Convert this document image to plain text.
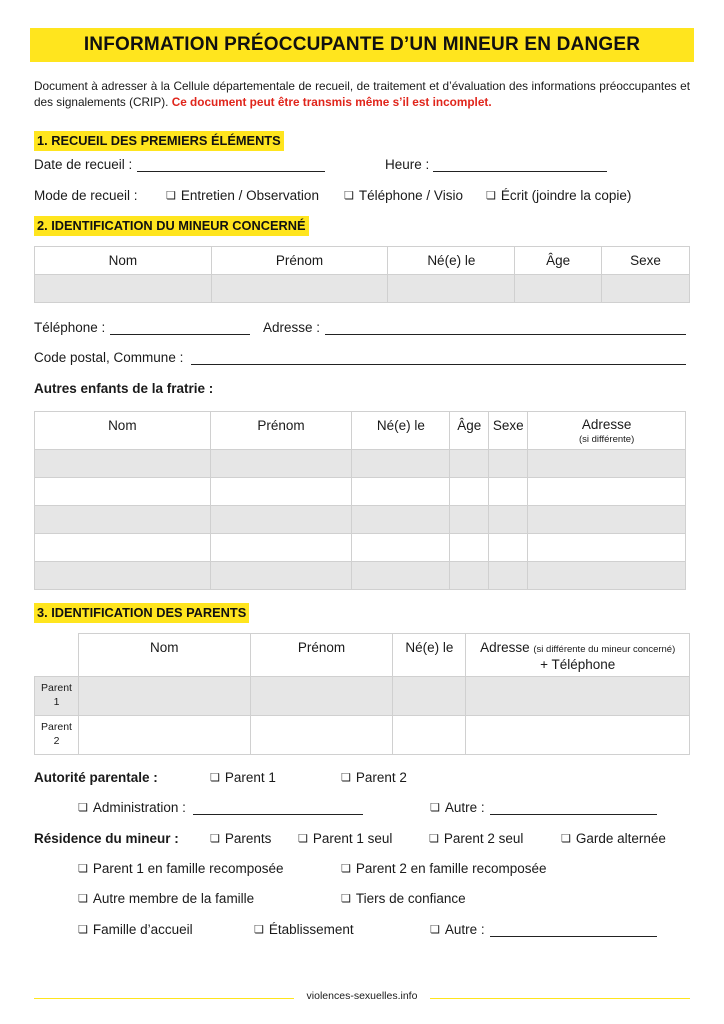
INFORMATION PRÉOCCUPANTE D’UN MINEUR EN DANGER
Document à adresser à la Cellule départementale de recueil, de traitement et d’évaluation des informations préoccupantes et des signalements (CRIP). Ce document peut être transmis même s’il est incomplet.
1. RECUEIL DES PREMIERS ÉLÉMENTS
Date de recueil :	Heure :
Mode de recueil :	❏ Entretien / Observation ❏ Téléphone / Visio ❏ Écrit (joindre la copie)
2. IDENTIFICATION DU MINEUR CONCERNÉ
Nom	Prénom	Né(e) le	Âge	Sexe

Téléphone :	Adresse :
Code postal, Commune :
Autres enfants de la fratrie :
Nom	Prénom	Né(e) le	Âge	Sexe	Adresse
(si différente)

3. IDENTIFICATION DES PARENTS
	Nom	Prénom	Né(e) le	Adresse (si différente du mineur concerné)
+ Téléphone
Parent
1				
Parent
2				
Autorité parentale :	❏ Parent 1	❏ Parent 2
❏ Administration :	❏ Autre :
Résidence du mineur :	❏ Parents ❏ Parent 1 seul	❏ Parent 2 seul	❏ Garde alternée
❏ Parent 1 en famille recomposée	❏ Parent 2 en famille recomposée
❏ Autre membre de la famille	❏ Tiers de confiance
❏ Famille d’accueil	❏ Établissement	❏ Autre :
violences-sexuelles.info
